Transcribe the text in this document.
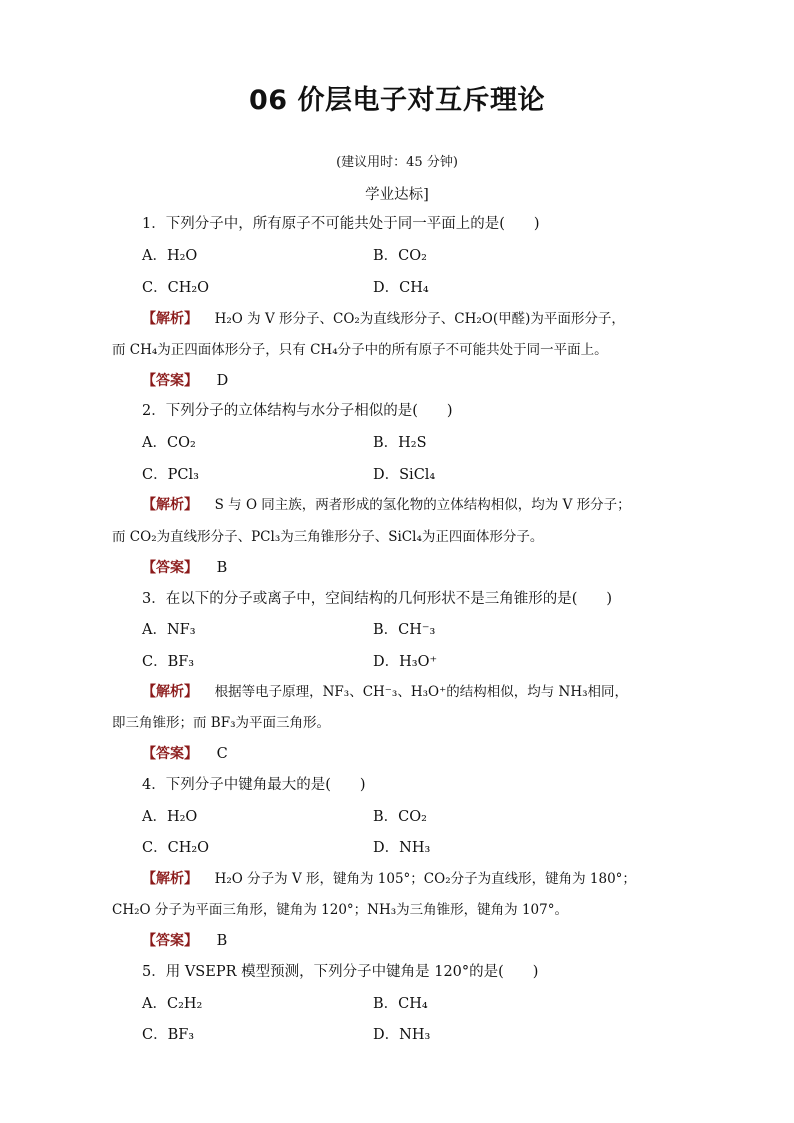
06 价层电子对互斥理论
(建议用时：45 分钟)
学业达标]
1．下列分子中，所有原子不可能共处于同一平面上的是(　　)
A．H₂O	B．CO₂
C．CH₂O	D．CH₄
【解析】 H₂O 为 V 形分子、CO₂为直线形分子、CH₂O(甲醛)为平面形分子，
而 CH₄为正四面体形分子，只有 CH₄分子中的所有原子不可能共处于同一平面上。
【答案】 D
2．下列分子的立体结构与水分子相似的是(　　)
A．CO₂	B．H₂S
C．PCl₃	D．SiCl₄
【解析】 S 与 O 同主族，两者形成的氢化物的立体结构相似，均为 V 形分子；
而 CO₂为直线形分子、PCl₃为三角锥形分子、SiCl₄为正四面体形分子。
【答案】 B
3．在以下的分子或离子中，空间结构的几何形状不是三角锥形的是(　　)
A．NF₃	B．CH⁻₃
C．BF₃	D．H₃O⁺
【解析】 根据等电子原理，NF₃、CH⁻₃、H₃O⁺的结构相似，均与 NH₃相同，
即三角锥形；而 BF₃为平面三角形。
【答案】 C
4．下列分子中键角最大的是(　　)
A．H₂O	B．CO₂
C．CH₂O	D．NH₃
【解析】 H₂O 分子为 V 形，键角为 105°；CO₂分子为直线形，键角为 180°；
CH₂O 分子为平面三角形，键角为 120°；NH₃为三角锥形，键角为 107°。
【答案】 B
5．用 VSEPR 模型预测，下列分子中键角是 120°的是(　　)
A．C₂H₂	B．CH₄
C．BF₃	D．NH₃
